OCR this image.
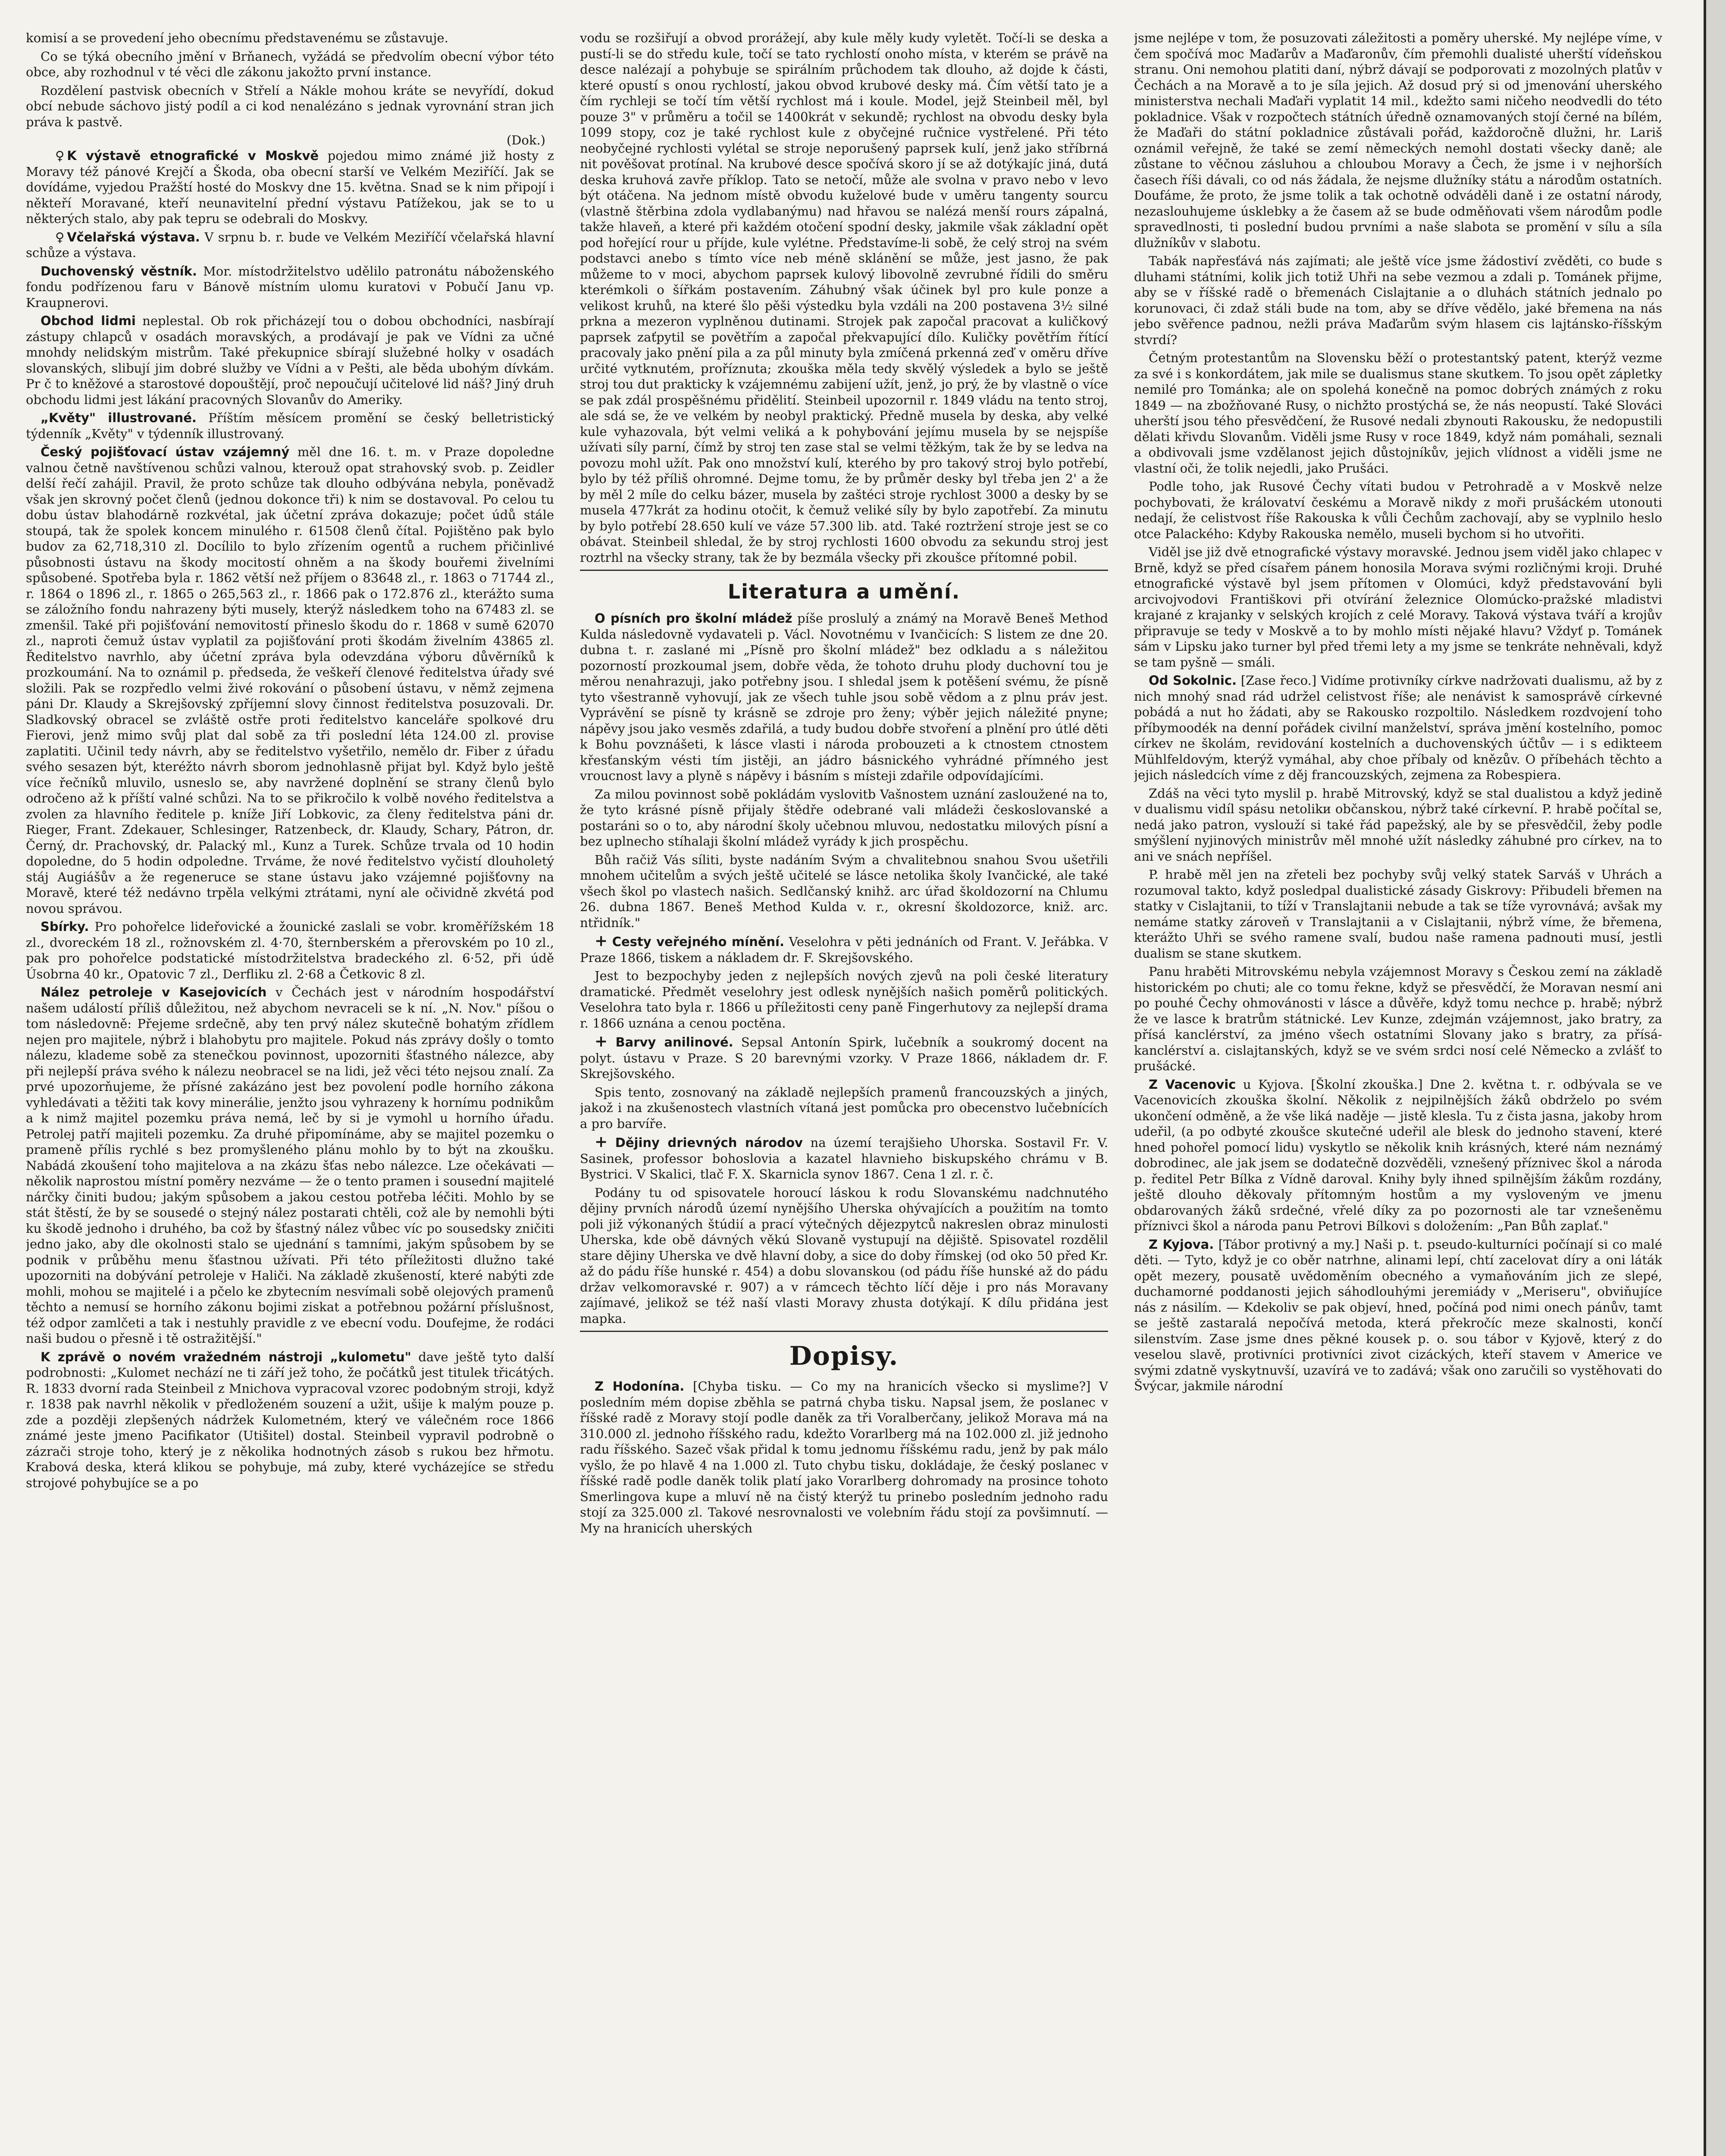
komisí a se provedení jeho obecnímu představenému se zůstavuje.

Co se týká obecního jmění v Brňanech, vyžádá se předvolím obecní výbor této obce, aby rozhodnul v té věci dle zákonu jakožto první instance.

Rozdělení pastvisk obecních v Střelí a Nákle mohou kráte se nevyřídí, dokud obcí nebude sáchovo jistý podíl a ci kod nenalézáno s jednak vyrovnání stran jich práva k pastvě.

(Dok.)

♀ K výstavě etnografické v Moskvě pojedou mimo známé již hosty z Moravy též pánové Krejčí a Škoda, oba obecní starší ve Velkém Meziříčí. Jak se dovídáme, vyjedou Pražští hosté do Moskvy dne 15. května. Snad se k nim připojí i někteří Moravané, kteří neunavitelní přední výstavu Patížekou, jak se to u některých stalo, aby pak tepru se odebrali do Moskvy.

♀ Včelařská výstava. V srpnu b. r. bude ve Velkém Meziříčí včelařská hlavní schůze a výstava.

Duchovenský věstník. Mor. místodržitelstvo udělilo patronátu náboženského fondu podřízenou faru v Bánově místním ulomu kuratovi v Pobučí Janu vp. Kraupnerovi.

Obchod lidmi neplestal. Ob rok přicházejí tou o dobou obchodníci, nasbírají zástupy chlapců v osadách moravských, a prodávají je pak ve Vídni za učné mnohdy nelidským mistrům. Také překupnice sbírají služebné holky v osadách slovanských, slibují jim dobré služby ve Vídni a v Pešti, ale běda ubohým dívkám. Pr č to kněžové a starostové dopouštějí, proč nepoučují učitelové lid náš? Jiný druh obchodu lidmi jest lákání pracovných Slovanův do Ameriky.

„Květy" illustrované. Příštím měsícem promění se český belletristický týdenník „Květy" v týdenník illustrovaný.

Český pojišťovací ústav vzájemný měl dne 16. t. m. v Praze dopoledne valnou četně navštívenou schůzi valnou, kterouž opat strahovský svob. p. Zeidler delší řečí zahájil. Pravil, že proto schůze tak dlouho odbývána nebyla, poněvadž však jen skrovný počet členů (jednou dokonce tři) k nim se dostavoval. Po celou tu dobu ústav blahodárně rozkvétal, jak účetní zpráva dokazuje; počet údů stále stoupá, tak že spolek koncem minulého r. 61508 členů čítal. Pojištěno pak bylo budov za 62,718,310 zl. Docílilo to bylo zřízením ogentů a ruchem přičinlivé působnosti ústavu na škody mocitostí ohněm a na škody bouřemi živelními spůsobené. Spotřeba byla r. 1862 větší než příjem o 83648 zl., r. 1863 o 71744 zl., r. 1864 o 1896 zl., r. 1865 o 265,563 zl., r. 1866 pak o 172.876 zl., kterážto suma se záložního fondu nahrazeny býti musely, kterýž následkem toho na 67483 zl. se zmenšil. Také při pojišťování nemovitostí přineslo škodu do r. 1868 v sumě 62070 zl., naproti čemuž ústav vyplatil za pojišťování proti škodám živelním 43865 zl. Ředitelstvo navrhlo, aby účetní zpráva byla odevzdána výboru důvěrníků k prozkoumání. Na to oznámil p. předseda, že veškeří členové ředitelstva úřady své složili. Pak se rozpředlo velmi živé rokování o působení ústavu, v němž zejmena páni Dr. Klaudy a Skrejšovský zpříjemní slovy činnost ředitelstva posuzovali. Dr. Sladkovský obracel se zvláště ostře proti ředitelstvo kanceláře spolkové dru Fierovi, jenž mimo svůj plat dal sobě za tři poslední léta 124.00 zl. provise zaplatiti. Učinil tedy návrh, aby se ředitelstvo vyšetřilo, nemělo dr. Fiber z úřadu svého sesazen být, kteréžto návrh sborom jednohlasně přijat byl. Když bylo ještě více řečníků mluvilo, usneslo se, aby navržené doplnění se strany členů bylo odročeno až k příští valné schůzi. Na to se přikročilo k volbě nového ředitelstva a zvolen za hlavního ředitele p. kníže Jiří Lobkovic, za členy ředitelstva páni dr. Rieger, Frant. Zdekauer, Schlesinger, Ratzenbeck, dr. Klaudy, Schary, Pátron, dr. Černý, dr. Prachovský, dr. Palacký ml., Kunz a Turek. Schůze trvala od 10 hodin dopoledne, do 5 hodin odpoledne. Trváme, že nové ředitelstvo vyčistí dlouholetý stáj Augiášův a že regeneruce se stane ústavu jako vzájemné pojišťovny na Moravě, které též nedávno trpěla velkými ztrátami, nyní ale očividně zkvétá pod novou správou.

Sbírky. Pro pohořelce lideřovické a žounické zaslali se vobr. kroměřížském 18 zl., dvoreckém 18 zl., rožnovském zl. 4·70, šternberském a přerovském po 10 zl., pak pro pohořelce podstatické místodržitelstva bradeckého zl. 6·52, při údě Úsobrna 40 kr., Opatovic 7 zl., Derfliku zl. 2·68 a Četkovic 8 zl.

Nález petroleje v Kasejovicích v Čechách jest v národním hospodářství našem událostí příliš důležitou, než abychom nevraceli se k ní. „N. Nov." píšou o tom následovně: Přejeme srdečně, aby ten prvý nález skutečně bohatým zřídlem nejen pro majitele, nýbrž i blahobytu pro majitele. Pokud nás zprávy došly o tomto nálezu, klademe sobě za stenečkou povinnost, upozorniti šťastného nálezce, aby při nejlepší práva svého k nálezu neobracel se na lidi, jež věci této nejsou znalí. Za prvé upozorňujeme, že přísné zakázáno jest bez povolení podle horního zákona vyhledávati a těžiti tak kovy minerálie, jenžto jsou vyhrazeny k hornímu podnikům a k nimž majitel pozemku práva nemá, leč by si je vymohl u horního úřadu. Petrolej patří majiteli pozemku. Za druhé připomínáme, aby se majitel pozemku o prameně přílis rychlé s bez promyšleného plánu mohlo by to být na zkoušku. Nabádá zkoušení toho majitelova a na zkázu šťas nebo nálezce. Lze očekávati — několik naprostou místní poměry nezváme — že o tento pramen i sousední majitelé nárčky činiti budou; jakým spůsobem a jakou cestou potřeba léčiti. Mohlo by se stát štěstí, že by se sousedé o stejný nález postarati chtěli, což ale by nemohli býti ku škodě jednoho i druhého, ba což by šťastný nález vůbec víc po sousedsky zničiti jedno jako, aby dle okolnosti stalo se ujednání s tamními, jakým spůsobem by se podnik v průběhu menu šťastnou užívati. Při této příležitosti dlužno také upozorniti na dobývání petroleje v Haliči. Na základě zkušeností, které nabýti zde mohli, mohou se majitelé i a pčelo ke zbytecním nesvímali sobě olejových pramenů těchto a nemusí se horního zákonu bojimi ziskat a potřebnou požární příslušnost, též odpor zamlčeti a tak i nestuhly pravidle z ve ebecní vodu. Doufejme, že rodáci naši budou o přesně i tě ostražitější."

K zprávě o novém vražedném nástroji „kulometu" dave ještě tyto další podrobnosti: „Kulomet nechází ne ti září jež toho, že počátků jest titulek třicátých. R. 1833 dvorní rada Steinbeil z Mnichova vypracoval vzorec podobným stroji, když r. 1838 pak navrhl několik v předloženém souzení a užit, ušije k malým pouze p. zde a později zlepšených nádržek Kulometném, který ve válečném roce 1866 známé jeste jmeno Pacifikator (Utišitel) dostal. Steinbeil vypravil podrobně o zázrači stroje toho, který je z několika hodnotných zásob s rukou bez hřmotu. Krabová deska, která klikou se pohybuje, má zuby, které vycházejíce se středu strojové pohybujíce se a po

vodu se rozšiřují a obvod prorážejí, aby kule měly kudy vyletět. Točí-li se deska a pustí-li se do středu kule, točí se tato rychlostí onoho místa, v kterém se právě na desce nalézají a pohybuje se spirálním průchodem tak dlouho, až dojde k části, které opustí s onou rychlostí, jakou obvod krubové desky má. Čím větší tato je a čím rychleji se točí tím větší rychlost má i koule. Model, jejž Steinbeil měl, byl pouze 3" v průměru a točil se 1400krát v sekundě; rychlost na obvodu desky byla 1099 stopy, coz je také rychlost kule z obyčejné ručnice vystřelené. Při této neobyčejné rychlosti vylétal se stroje neporušený paprsek kulí, jenž jako stříbrná nit pověšovat protínal. Na krubové desce spočívá skoro jí se až dotýkajíc jiná, dutá deska kruhová zavře příklop. Tato se netočí, může ale svolna v pravo nebo v levo být otáčena. Na jednom místě obvodu kuželové bude v uměru tangenty sourcu (vlastně štěrbina zdola vydlabanýmu) nad hřavou se nalézá menší rours zápalná, takže hlaveň, a které při každém otočení spodní desky, jakmile však základní opět pod hořející rour u příjde, kule vylétne. Představíme-li sobě, že celý stroj na svém podstavci anebo s tímto více neb méně sklánění se může, jest jasno, že pak můžeme to v moci, abychom paprsek kulový libovolně zevrubné řídili do směru kterémkoli o šířkám postavením. Záhubný však účinek byl pro kule ponze a velikost kruhů, na které šlo pěši výstedku byla vzdáli na 200 postavena 3½ silné prkna a mezeron vyplněnou dutinami. Strojek pak započal pracovat a kuličkový paprsek zaťpytil se povětřím a započal překvapující dílo. Kuličky povětřím řítící pracovaly jako pnění pila a za půl minuty byla zmíčená prkenná zeď v oměru dříve určité vytknutém, proříznuta; zkouška měla tedy skvělý výsledek a bylo se ještě stroj tou dut prakticky k vzájemnému zabijení užít, jenž, jo prý, že by vlastně o více se pak zdál prospěšnému přidělití. Steinbeil upozornil r. 1849 vládu na tento stroj, ale sdá se, že ve velkém by neobyl praktický. Předně musela by deska, aby velké kule vyhazovala, být velmi veliká a k pohybování jejímu musela by se nejspíše užívati síly parní, čímž by stroj ten zase stal se velmi těžkým, tak že by se ledva na povozu mohl užít. Pak ono množství kulí, kterého by pro takový stroj bylo potřebí, bylo by též příliš ohromné. Dejme tomu, že by průměr desky byl třeba jen 2' a že by měl 2 míle do celku bázer, musela by zaštéci stroje rychlost 3000 a desky by se musela 477krát za hodinu otočit, k čemuž veliké síly by bylo zapotřebí. Za minutu by bylo potřebí 28.650 kulí ve váze 57.300 lib. atd. Také roztržení stroje jest se co obávat. Steinbeil shledal, že by stroj rychlosti 1600 obvodu za sekundu stroj jest roztrhl na všecky strany, tak že by bezmála všecky při zkoušce přítomné pobil.

Literatura a umění.

O písních pro školní mládež píše proslulý a známý na Moravě Beneš Method Kulda následovně vydavateli p. Václ. Novotnému v Ivančicích: S listem ze dne 20. dubna t. r. zaslané mi „Písně pro školní mládež" bez odkladu a s náležitou pozorností prozkoumal jsem, dobře věda, že tohoto druhu plody duchovní tou je měrou nenahrazuji, jako potřebny jsou. I shledal jsem k potěšení svému, že písně tyto všestranně vyhovují, jak ze všech tuhle jsou sobě vědom a z plnu práv jest. Vyprávění se písně ty krásně se zdroje pro ženy; výběr jejich náležité pnyne; nápěvy jsou jako vesměs zdařilá, a tudy budou dobře stvoření a plnění pro útlé děti k Bohu povznášeti, k lásce vlasti i národa probouzeti a k ctnostem ctnostem křesťanským vésti tím jistěji, an jádro básnického vyhrádné přímného jest vroucnost lavy a plyně s nápěvy i básním s místeji zdařile odpovídajícími.

Za milou povinnost sobě pokládám vyslovitb Vašnostem uznání zasloužené na to, že tyto krásné písně přijaly štědře odebrané vali mládeži českoslovanské a postaráni so o to, aby národní školy učebnou mluvou, nedostatku milových písní a bez uplnecho stíhalaji školní mládež vyrády k jich prospěchu.

Bůh račiž Vás síliti, byste nadáním Svým a chvalitebnou snahou Svou ušetřili mnohem učitelům a svých ještě učitelé se lásce netolika školy Ivančické, ale také všech škol po vlastech našich. Sedlčanský knihž. arc úřad školdozorní na Chlumu 26. dubna 1867. Beneš Method Kulda v. r., okresní školdozorce, kniž. arc. ntřidník."

+ Cesty veřejného mínění. Veselohra v pěti jednáních od Frant. V. Jeřábka. V Praze 1866, tiskem a nákladem dr. F. Skrejšovského.

Jest to bezpochyby jeden z nejlepších nových zjevů na poli české literatury dramatické. Předmět veselohry jest odlesk nynějších našich poměrů politických. Veselohra tato byla r. 1866 u příležitosti ceny paně Fingerhutovy za nejlepší drama r. 1866 uznána a cenou poctěna.

+ Barvy anilinové. Sepsal Antonín Spirk, lučebník a soukromý docent na polyt. ústavu v Praze. S 20 barevnými vzorky. V Praze 1866, nákladem dr. F. Skrejšovského.

Spis tento, zosnovaný na základě nejlepších pramenů francouzských a jiných, jakož i na zkušenostech vlastních vítaná jest pomůcka pro obecenstvo lučebnících a pro barvíře.

+ Dějiny drievných národov na území terajšieho Uhorska. Sostavil Fr. V. Sasinek, professor bohoslovia a kazatel hlavnieho biskupského chrámu v B. Bystrici. V Skalici, tlač F. X. Skarnicla synov 1867. Cena 1 zl. r. č.

Podány tu od spisovatele horoucí láskou k rodu Slovanskému nadchnutého dějiny prvních národů území nynějšího Uherska ohývajících a použitím na tomto poli již výkonaných štúdií a prací výtečných dějezpytců nakreslen obraz minulosti Uherska, kde obě dávných věkú Slovaně vystupují na dějiště. Spisovatel rozdělil stare dějiny Uherska ve dvě hlavní doby, a sice do doby římskej (od oko 50 před Kr. až do pádu říše hunské r. 454) a dobu slovanskou (od pádu říše hunské až do pádu držav velkomoravské r. 907) a v rámcech těchto líčí děje i pro nás Moravany zajímavé, jelikož se též naší vlasti Moravy zhusta dotýkají. K dílu přidána jest mapka.

Dopisy.

Z Hodonína. [Chyba tisku. — Co my na hranicích všecko si myslime?] V posledním mém dopise zběhla se patrná chyba tisku. Napsal jsem, že poslanec v říšské radě z Moravy stojí podle daněk za tři Voralberčany, jelikož Morava má na 310.000 zl. jednoho říšského radu, kdežto Vorarlberg má na 102.000 zl. již jednoho radu říšského. Sazeč však přidal k tomu jednomu říšskému radu, jenž by pak málo vyšlo, že po hlavě 4 na 1.000 zl. Tuto chybu tisku, dokládaje, že český poslanec v říšské radě podle daněk tolik platí jako Vorarlberg dohromady na prosince tohoto Smerlingova kupe a mluví ně na čistý kterýž tu prinebo posledním jednoho radu stojí za 325.000 zl. Takové nesrovnalosti ve volebním řádu stojí za povšimnutí. — My na hranicích uherských

jsme nejlépe v tom, že posuzovati záležitosti a poměry uherské. My nejlépe víme, v čem spočívá moc Maďarův a Maďaronův, čím přemohli dualisté uherští vídeňskou stranu. Oni nemohou platiti daní, nýbrž dávají se podporovati z mozolných platův v Čechách a na Moravě a to je síla jejich. Až dosud prý si od jmenování uherského ministerstva nechali Maďaři vyplatit 14 mil., kdežto sami ničeho neodvedli do této pokladnice. Však v rozpočtech státních úředně oznamovaných stojí černé na bílém, že Maďaři do státní pokladnice zůstávali pořád, každoročně dlužni, hr. Lariš oznámil veřejně, že také se zemí německých nemohl dostati všecky daně; ale zůstane to věčnou zásluhou a chloubou Moravy a Čech, že jsme i v nejhorších časech říši dávali, co od nás žádala, že nejsme dlužníky státu a národům ostatních. Doufáme, že proto, že jsme tolik a tak ochotně odváděli daně i ze ostatní národy, nezaslouhujeme úsklebky a že časem až se bude odměňovati všem národům podle spravedlnosti, ti poslední budou prvními a naše slabota se promění v sílu a síla dlužníkův v slabotu.

Tabák napřesťává nás zajímati; ale ještě více jsme žádostiví zvěděti, co bude s dluhami státními, kolik jich totiž Uhři na sebe vezmou a zdali p. Tománek přijme, aby se v říšské radě o břemenách Cislajtanie a o dluhách státních jednalo po korunovaci, či zdaž stáli bude na tom, aby se dříve vědělo, jaké břemena na nás jebo svěřence padnou, nežli práva Maďarům svým hlasem cis lajtánsko-říšským stvrdí?

Četným protestantům na Slovensku běží o protestantský patent, kterýž vezme za své i s konkordátem, jak mile se dualismus stane skutkem. To jsou opět zápletky nemilé pro Tománka; ale on spolehá konečně na pomoc dobrých známých z roku 1849 — na zbožňované Rusy, o nichžto prostýchá se, že nás neopustí. Také Slováci uherští jsou tého přesvědčení, že Rusové nedali zbynouti Rakousku, že nedopustili dělati křivdu Slovanům. Viděli jsme Rusy v roce 1849, když nám pomáhali, seznali a obdivovali jsme vzdělanost jejich důstojníkův, jejich vlídnost a viděli jsme ne vlastní oči, že tolik nejedli, jako Prušáci.

Podle toho, jak Rusové Čechy vítati budou v Petrohradě a v Moskvě nelze pochybovati, že královatví českému a Moravě nikdy z moři prušáckém utonouti nedají, že celistvost říše Rakouska k vůli Čechům zachovají, aby se vyplnilo heslo otce Palackého: Kdyby Rakouska nemělo, museli bychom si ho utvořiti.

Viděl jse již dvě etnografické výstavy moravské. Jednou jsem viděl jako chlapec v Brně, když se před císařem pánem honosila Morava svými rozličnými kroji. Druhé etnografické výstavě byl jsem přítomen v Olomúci, když představování byli arcivojvodovi Františkovi při otvírání železnice Olomúcko-pražské mladistvi krajané z krajanky v selských krojích z celé Moravy. Taková výstava tváří a krojův připravuje se tedy v Moskvě a to by mohlo místi nějaké hlavu? Vždyť p. Tománek sám v Lipsku jako turner byl před třemi lety a my jsme se tenkráte nehněvali, když se tam pyšně — smáli.

Od Sokolnic. [Zase řeco.] Vidíme protivníky církve nadržovati dualismu, až by z nich mnohý snad rád udržel celistvost říše; ale nenávist k samosprávě církevné pobádá a nut ho žádati, aby se Rakousko rozpoltilo. Následkem rozdvojení toho příbymoodék na denní pořádek civilní manželství, správa jmění kostelního, pomoc církev ne školám, revidování kostelních a duchovenských účtův — i s edikteem Mühlfeldovým, kterýž vymáhal, aby choe příbaly od knězův. O příbehách těchto a jejich následcích víme z děj francouzských, zejmena za Robespiera.

Zdáš na věci tyto myslil p. hrabě Mitrovský, když se stal dualistou a když jedině v dualismu vidíl spásu netolikи občanskou, nýbrž také církevní. P. hrabě počítal se, nedá jako patron, vyslouží si také řád papežský, ale by se přesvědčil, žeby podle smýšlení nyjinových ministrův měl mnohé užít následky záhubné pro církev, na to ani ve snách nepříšel.

P. hrabě měl jen na zřeteli bez pochyby svůj velký statek Sarváš v Uhrách a rozumoval takto, když posledpal dualistické zásady Giskrovy: Přibudeli břemen na statky v Cislajtanii, to tíží v Translajtanii nebude a tak se tíže vyrovnává; avšak my nemáme statky zároveň v Translajtanii a v Cislajtanii, nýbrž víme, že břemena, kterážto Uhři se svého ramene svalí, budou naše ramena padnouti musí, jestli dualism se stane skutkem.

Panu hraběti Mitrovskému nebyla vzájemnost Moravy s Českou zemí na základě historickém po chuti; ale co tomu řekne, když se přesvědčí, že Moravan nesmí ani po pouhé Čechy ohmovánosti v lásce a důvěře, když tomu nechce p. hrabě; nýbrž že ve lasce k bratrům státnické. Lev Kunze, zdejmán vzájemnost, jako bratry, za přísá kanclérství, za jméno všech ostatními Slovany jako s bratry, za přísá-kanclérství a. cislajtanských, když se ve svém srdci nosí celé Německo a zvlášť to prušácké.

Z Vacenovic u Kyjova. [Školní zkouška.] Dne 2. května t. r. odbývala se ve Vacenovicích zkouška školní. Několik z nejpilnějších žáků obdrželo po svém ukončení odměně, a že vše liká naděje — jistě klesla. Tu z čista jasna, jakoby hrom udeřil, (a po odbyté zkoušce skutečné udeřil ale blesk do jednoho stavení, které hned pohořel pomocí lidu) vyskytlo se několik knih krásných, které nám neznámý dobrodinec, ale jak jsem se dodatečně dozvěděli, vznešený příznivec škol a národa p. ředitel Petr Bílka z Vídně daroval. Knihy byly ihned spilnějším žákům rozdány, ještě dlouho děkovaly přítomným hostům a my vysloveným ve jmenu obdarovaných žáků srdečné, vřelé díky za po pozornosti ale tar vznešeněmu příznivci škol a národa panu Petrovi Bílkovi s doložením: „Pan Bůh zaplať."

Z Kyjova. [Tábor protivný a my.] Naši p. t. pseudo-kulturníci počínají si co malé děti. — Tyto, když je co oběr natrhne, alinami lepí, chtí zacelovat díry a oni láták opět mezery, pousatě uvědoměním obecného a vymaňováním jich ze slepé, duchamorné poddanosti jejich sáhodlouhými jeremiády v „Meriseru", obviňujíce nás z násilím. — Kdekoliv se pak objeví, hned, počíná pod nimi onech pánův, tamt se ještě zastaralá nepočívá metoda, která překročíc meze skalnosti, končí silenstvím. Zase jsme dnes pěkné kousek p. o. sou tábor v Kyjově, který z do veselou slavě, protivníci protivníci zivot cizáckých, kteří stavem v Americe ve svými zdatně vyskytnuvší, uzavírá ve to zadává; však ono zaručili so vystěhovati do Švýcar, jakmile národní
